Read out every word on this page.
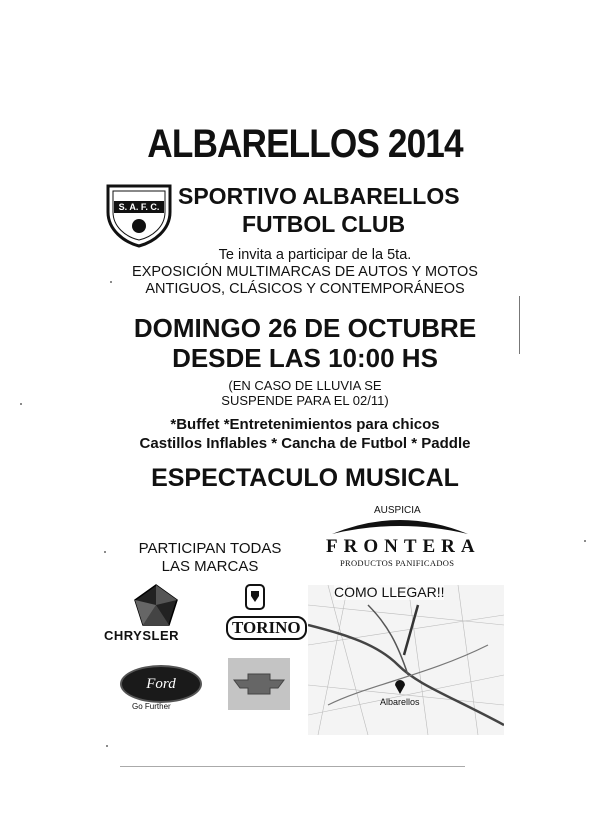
ALBARELLOS 2014
S. A. F. C. SPORTIVO ALBARELLOS
FUTBOL CLUB
Te invita a participar de la 5ta.
EXPOSICIÓN MULTIMARCAS DE AUTOS Y MOTOS
ANTIGUOS, CLÁSICOS Y CONTEMPORÁNEOS
DOMINGO 26 DE OCTUBRE
DESDE LAS 10:00 HS
(EN CASO DE LLUVIA SE
SUSPENDE PARA EL 02/11)
*Buffet *Entretenimientos para chicos
Castillos Inflables * Cancha de Futbol * Paddle
ESPECTACULO MUSICAL
PARTICIPAN TODAS
LAS MARCAS
AUSPICIA
FRONTERA
PRODUCTOS PANIFICADOS
COMO LLEGAR!!
Albarellos
CHRYSLER	TORINO
Ford
Go Further
